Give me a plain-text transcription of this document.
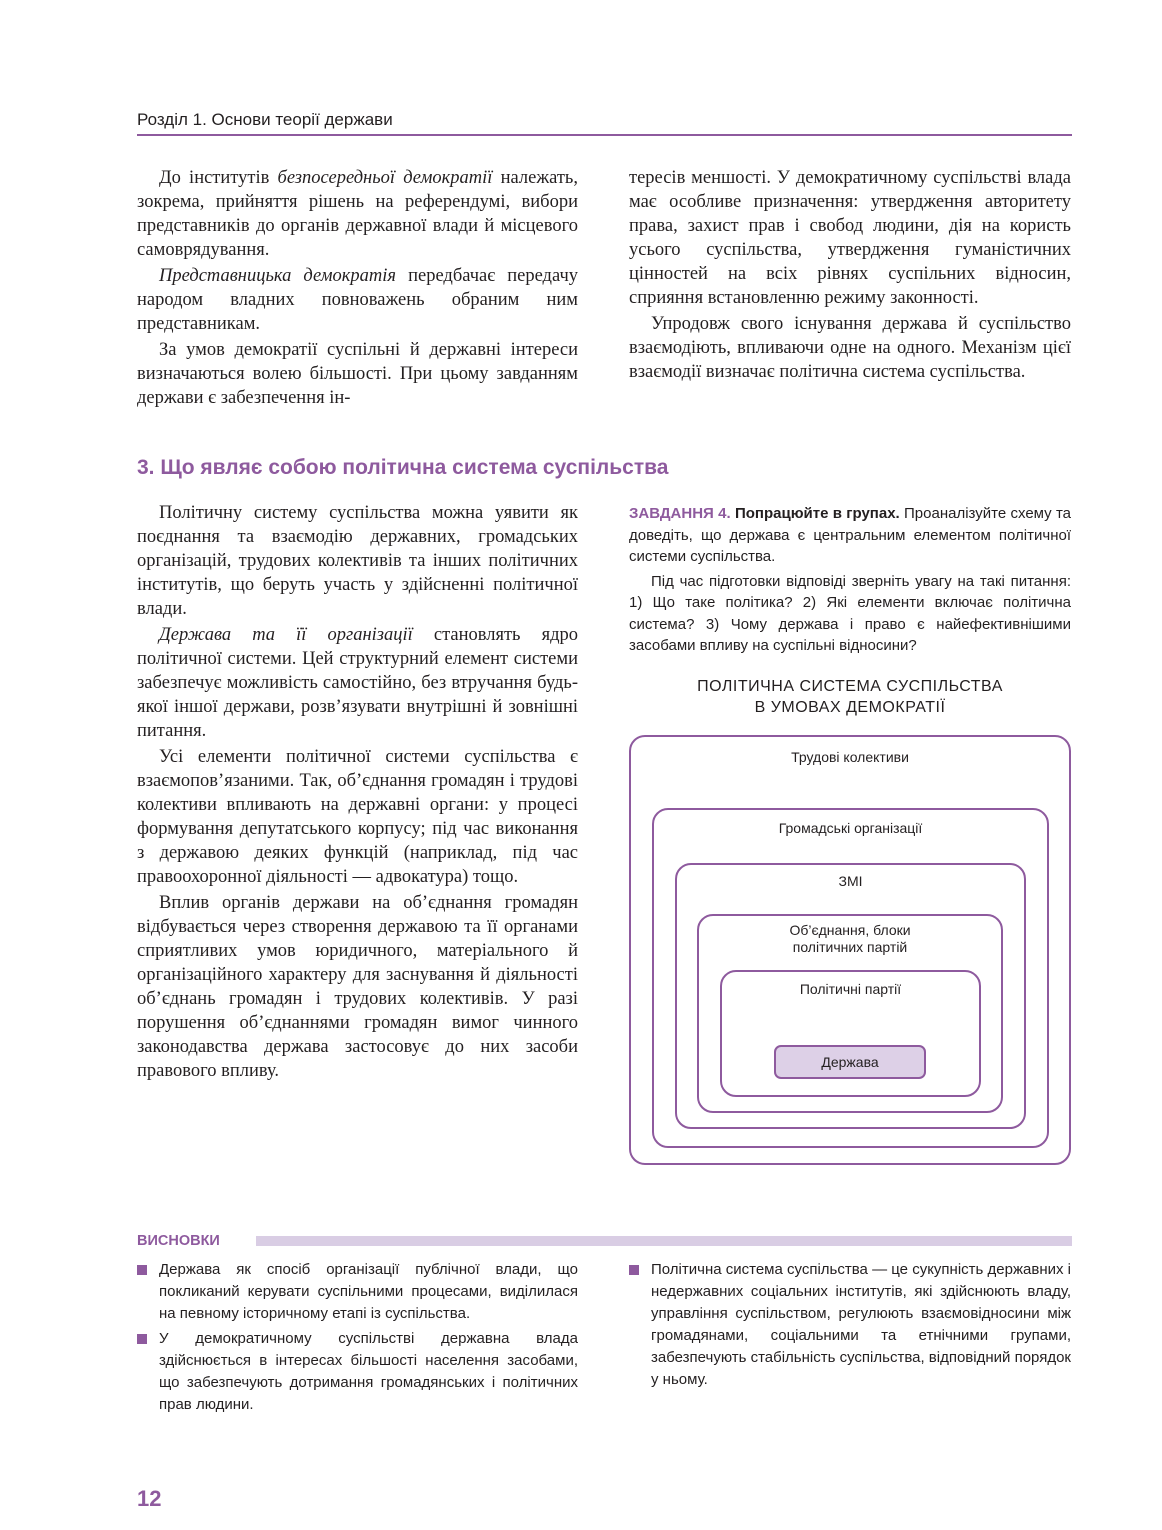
Розділ 1. Основи теорії держави

До інститутів безпосередньої демократії належать, зокрема, прийняття рішень на референдумі, вибори представників до органів державної влади й місцевого самоврядування.

Представницька демократія передбачає передачу народом владних повноважень обраним ним представникам.

За умов демократії суспільні й державні інтереси визначаються волею більшості. При цьому завданням держави є забезпечення ін-

тересів меншості. У демократичному суспільстві влада має особливе призначення: утвердження авторитету права, захист прав і свобод людини, дія на користь усього суспільства, утвердження гуманістичних цінностей на всіх рівнях суспільних відносин, сприяння встановленню режиму законності.

Упродовж свого існування держава й суспільство взаємодіють, впливаючи одне на одного. Механізм цієї взаємодії визначає політична система суспільства.

3. Що являє собою політична система суспільства

Політичну систему суспільства можна уявити як поєднання та взаємодію державних, громадських організацій, трудових колективів та інших політичних інститутів, що беруть участь у здійсненні політичної влади.

Держава та її організації становлять ядро політичної системи. Цей структурний елемент системи забезпечує можливість самостійно, без втручання будь-якої іншої держави, розв’язувати внутрішні й зовнішні питання.

Усі елементи політичної системи суспільства є взаємопов’язаними. Так, об’єднання громадян і трудові колективи впливають на державні органи: у процесі формування депутатського корпусу; під час виконання з державою деяких функцій (наприклад, під час правоохоронної діяльності — адвокатура) тощо.

Вплив органів держави на об’єднання громадян відбувається через створення державою та її органами сприятливих умов юридичного, матеріального й організаційного характеру для заснування й діяльності об’єднань громадян і трудових колективів. У разі порушення об’єднаннями громадян вимог чинного законодавства держава застосовує до них засоби правового впливу.

ЗАВДАННЯ 4. Попрацюйте в групах. Проаналізуйте схему та доведіть, що держава є центральним елементом політичної системи суспільства.

Під час підготовки відповіді зверніть увагу на такі питання: 1) Що таке політика? 2) Які елементи включає політична система? 3) Чому держава і право є найефективнішими засобами впливу на суспільні відносини?

ПОЛІТИЧНА СИСТЕМА СУСПІЛЬСТВА
В УМОВАХ ДЕМОКРАТІЇ
Трудові колективи
Громадські організації
ЗМІ
Об’єднання, блоки
політичних партій
Політичні партії
Держава
ВИСНОВКИ
Держава як спосіб організації публічної влади, що покликаний керувати суспільними процесами, виділилася на певному історичному етапі із суспільства.
У демократичному суспільстві державна влада здійснюється в інтересах більшості населення засобами, що забезпечують дотримання громадянських і політичних прав людини.
Політична система суспільства — це сукупність державних і недержавних соціальних інститутів, які здійснюють владу, управління суспільством, регулюють взаємовідносини між громадянами, соціальними та етнічними групами, забезпечують стабільність суспільства, відповідний порядок у ньому.
12
